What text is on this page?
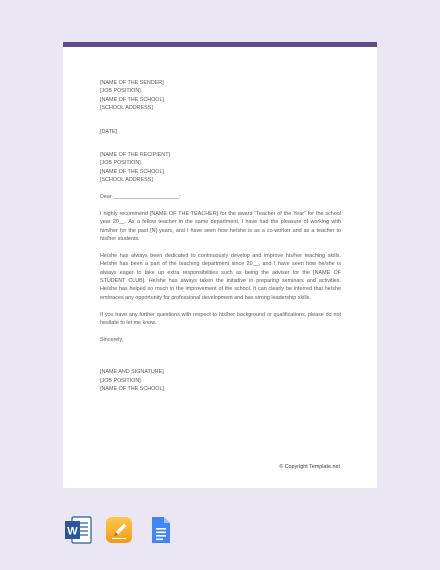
[NAME OF THE SENDER]
[JOB POSITION]
[NAME OF THE SCHOOL]
[SCHOOL ADDRESS]
[DATE]
[NAME OF THE RECIPIENT]
[JOB POSITION]
[NAME OF THE SCHOOL]
[SCHOOL ADDRESS]
Dear ______________________:

I highly recommend [NAME OF THE TEACHER] for the award “Teacher of the Year” for the school year 20__. As a fellow teacher in the same department, I have had the pleasure of working with him/her for the past [N] years, and I have seen how he/she is as a co-worker and as a teacher to his/her students.

He/she has always been dedicated to continuously develop and improve his/her teaching skills. He/she has been a part of the teaching department since 20__, and I have seen how he/she is always eager to take up extra responsibilities such as being the adviser for the [NAME OF STUDENT CLUB]. He/she has always taken the initiative in preparing seminars and activities. He/she has helped so much in the improvement of the school. It can clearly be inferred that he/she embraces any opportunity for professional development and has strong leadership skills.

If you have any further questions with respect to his/her background or qualifications, please do not hesitate to let me know.

Sincerely,
[NAME AND SIGNATURE]
[JOB POSITION]
[NAME OF THE SCHOOL]
© Copyright Template.net
W
